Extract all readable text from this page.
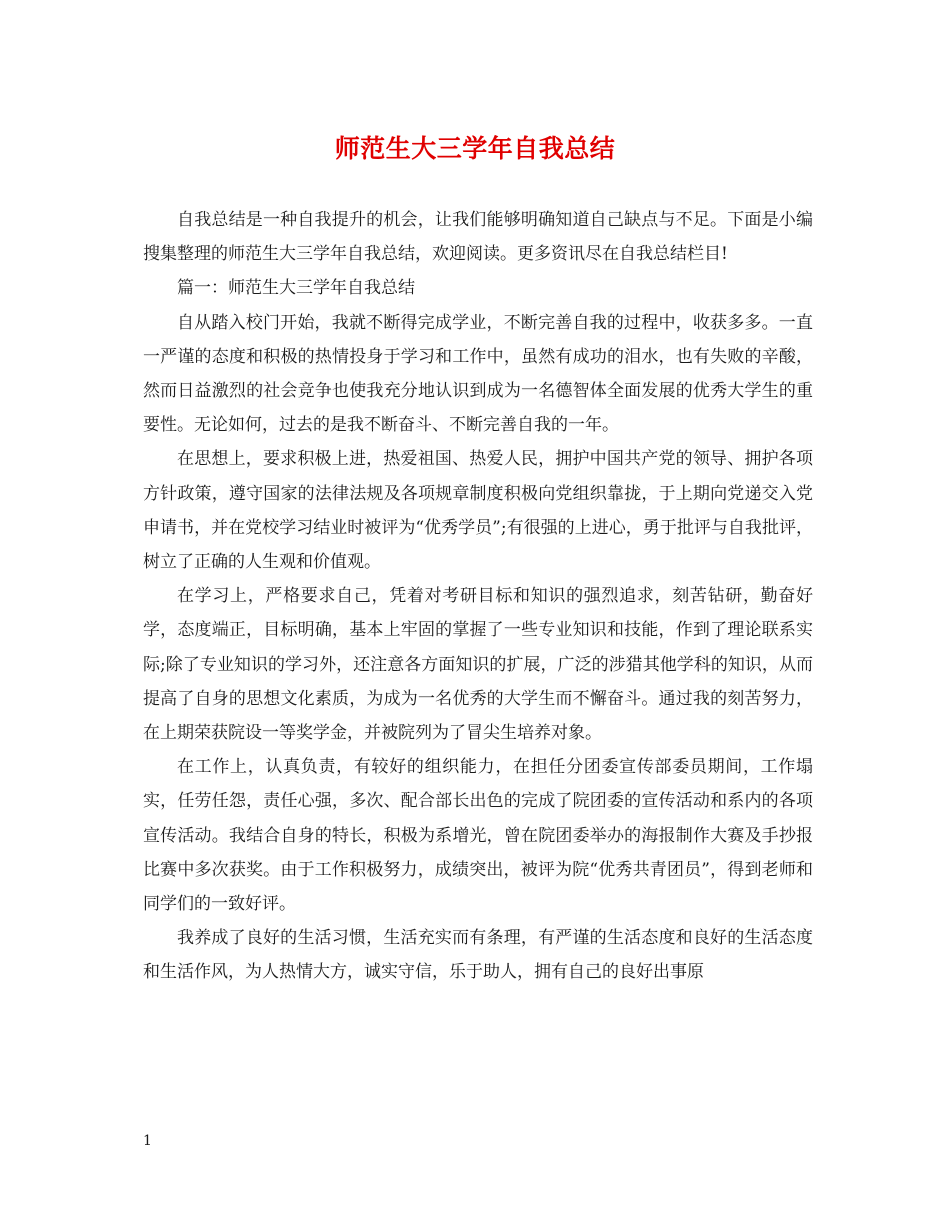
师范生大三学年自我总结

自我总结是一种自我提升的机会，让我们能够明确知道自己缺点与不足。下面是小编搜集整理的师范生大三学年自我总结，欢迎阅读。更多资讯尽在自我总结栏目!

篇一：师范生大三学年自我总结

自从踏入校门开始，我就不断得完成学业，不断完善自我的过程中，收获多多。一直一严谨的态度和积极的热情投身于学习和工作中，虽然有成功的泪水，也有失败的辛酸，然而日益激烈的社会竞争也使我充分地认识到成为一名德智体全面发展的优秀大学生的重要性。无论如何，过去的是我不断奋斗、不断完善自我的一年。

在思想上，要求积极上进，热爱祖国、热爱人民，拥护中国共产党的领导、拥护各项方针政策，遵守国家的法律法规及各项规章制度积极向党组织靠拢，于上期向党递交入党申请书，并在党校学习结业时被评为“优秀学员”;有很强的上进心，勇于批评与自我批评，树立了正确的人生观和价值观。

在学习上，严格要求自己，凭着对考研目标和知识的强烈追求，刻苦钻研，勤奋好学，态度端正，目标明确，基本上牢固的掌握了一些专业知识和技能，作到了理论联系实际;除了专业知识的学习外，还注意各方面知识的扩展，广泛的涉猎其他学科的知识，从而提高了自身的思想文化素质，为成为一名优秀的大学生而不懈奋斗。通过我的刻苦努力，在上期荣获院设一等奖学金，并被院列为了冒尖生培养对象。

在工作上，认真负责，有较好的组织能力，在担任分团委宣传部委员期间，工作塌实，任劳任怨，责任心强，多次、配合部长出色的完成了院团委的宣传活动和系内的各项宣传活动。我结合自身的特长，积极为系增光，曾在院团委举办的海报制作大赛及手抄报比赛中多次获奖。由于工作积极努力，成绩突出，被评为院“优秀共青团员”，得到老师和同学们的一致好评。

我养成了良好的生活习惯，生活充实而有条理，有严谨的生活态度和良好的生活态度和生活作风，为人热情大方，诚实守信，乐于助人，拥有自己的良好出事原

1
